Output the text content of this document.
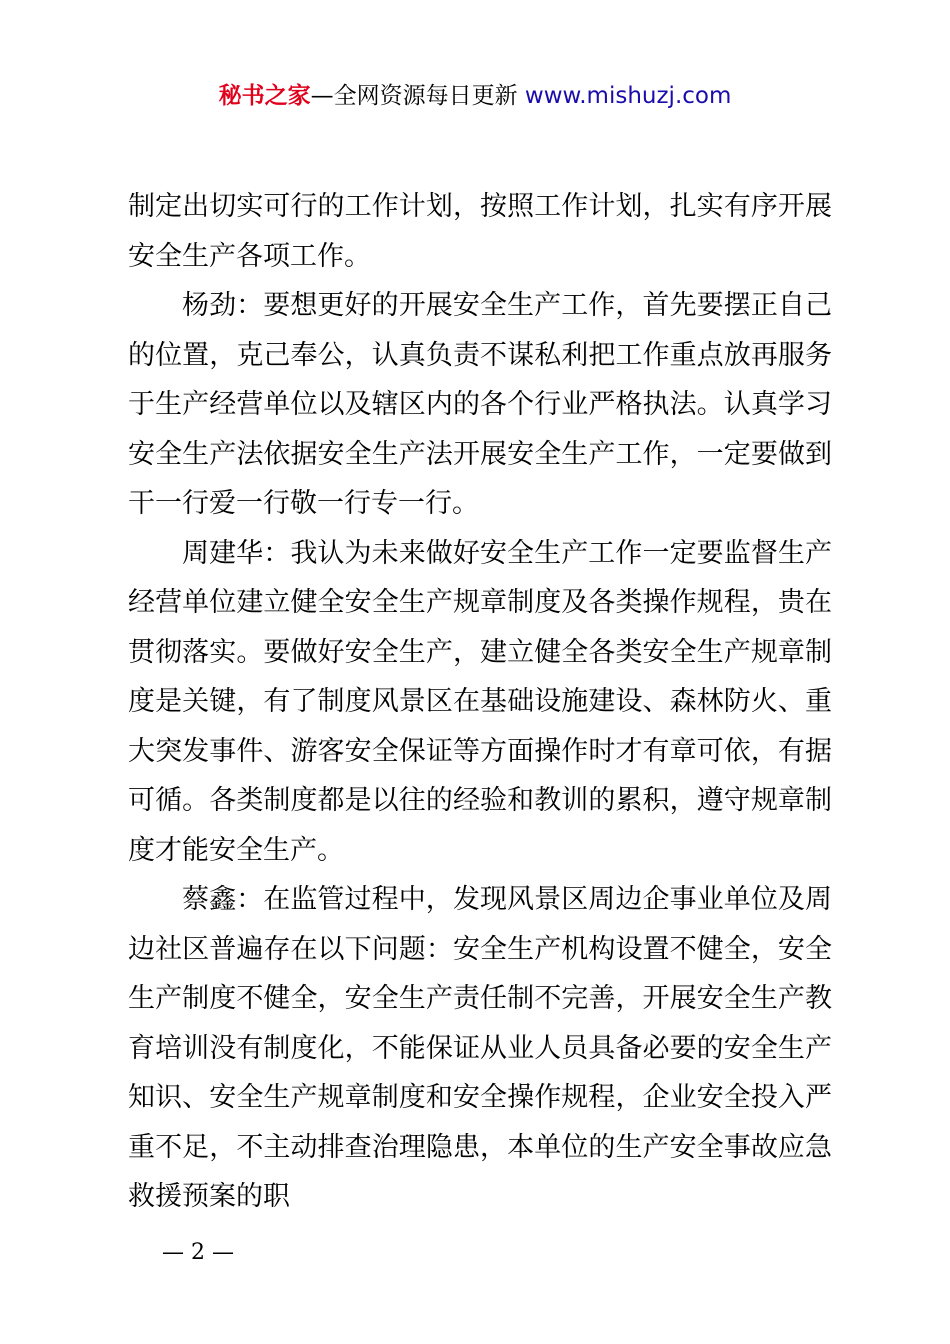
秘书之家—全网资源每日更新 www.mishuzj.com

制定出切实可行的工作计划，按照工作计划，扎实有序开展安全生产各项工作。

杨劲：要想更好的开展安全生产工作，首先要摆正自己的位置，克己奉公，认真负责不谋私利把工作重点放再服务于生产经营单位以及辖区内的各个行业严格执法。认真学习安全生产法依据安全生产法开展安全生产工作，一定要做到干一行爱一行敬一行专一行。

周建华：我认为未来做好安全生产工作一定要监督生产经营单位建立健全安全生产规章制度及各类操作规程，贵在贯彻落实。要做好安全生产，建立健全各类安全生产规章制度是关键，有了制度风景区在基础设施建设、森林防火、重大突发事件、游客安全保证等方面操作时才有章可依，有据可循。各类制度都是以往的经验和教训的累积，遵守规章制度才能安全生产。

蔡鑫：在监管过程中，发现风景区周边企事业单位及周边社区普遍存在以下问题：安全生产机构设置不健全，安全生产制度不健全，安全生产责任制不完善，开展安全生产教育培训没有制度化，不能保证从业人员具备必要的安全生产知识、安全生产规章制度和安全操作规程，企业安全投入严重不足，不主动排查治理隐患，本单位的生产安全事故应急救援预案的职

— 2 —
